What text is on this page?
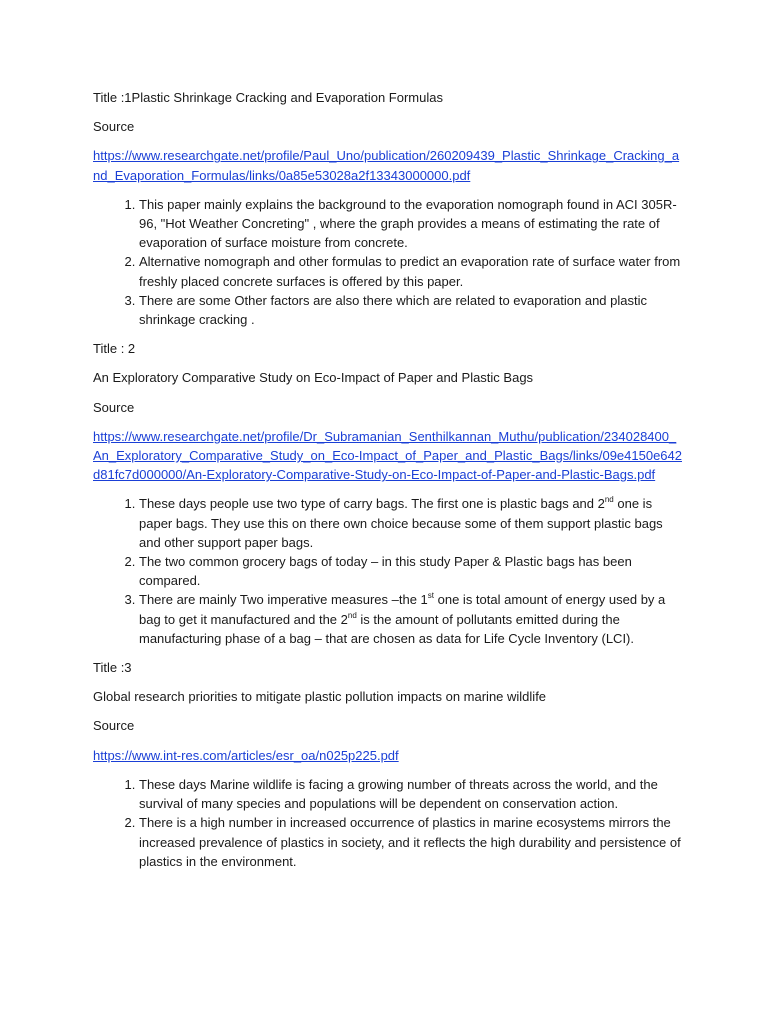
Title :1Plastic Shrinkage Cracking and Evaporation Formulas

Source

https://www.researchgate.net/profile/Paul_Uno/publication/260209439_Plastic_Shrinkage_Cracking_and_Evaporation_Formulas/links/0a85e53028a2f13343000000.pdf

1. This paper mainly explains the background to the evaporation nomograph found in ACI 305R-96, "Hot Weather Concreting" , where the graph provides a means of estimating the rate of evaporation of surface moisture from concrete.
2. Alternative nomograph and other formulas to predict an evaporation rate of surface water from freshly placed concrete surfaces is offered by this paper.
3. There are some Other factors are also there which are related to evaporation and plastic shrinkage cracking .

Title : 2

An Exploratory Comparative Study on Eco-Impact of Paper and Plastic Bags

Source

https://www.researchgate.net/profile/Dr_Subramanian_Senthilkannan_Muthu/publication/234028400_An_Exploratory_Comparative_Study_on_Eco-Impact_of_Paper_and_Plastic_Bags/links/09e4150e642d81fc7d000000/An-Exploratory-Comparative-Study-on-Eco-Impact-of-Paper-and-Plastic-Bags.pdf

1. These days people use two type of carry bags. The first one is plastic bags and 2nd one is paper bags. They use this on there own choice because some of them support plastic bags and other support paper bags.
2. The two common grocery bags of today – in this study Paper & Plastic bags has been compared.
3. There are mainly Two imperative measures –the 1st one is total amount of energy used by a bag to get it manufactured and the 2nd is the amount of pollutants emitted during the manufacturing phase of a bag – that are chosen as data for Life Cycle Inventory (LCI).

Title :3

Global research priorities to mitigate plastic pollution impacts on marine wildlife

Source

https://www.int-res.com/articles/esr_oa/n025p225.pdf

1. These days Marine wildlife is facing a growing number of threats across the world, and the survival of many species and populations will be dependent on conservation action.
2. There is a high number in increased occurrence of plastics in marine ecosystems mirrors the increased prevalence of plastics in society, and it reflects the high durability and persistence of plastics in the environment.
